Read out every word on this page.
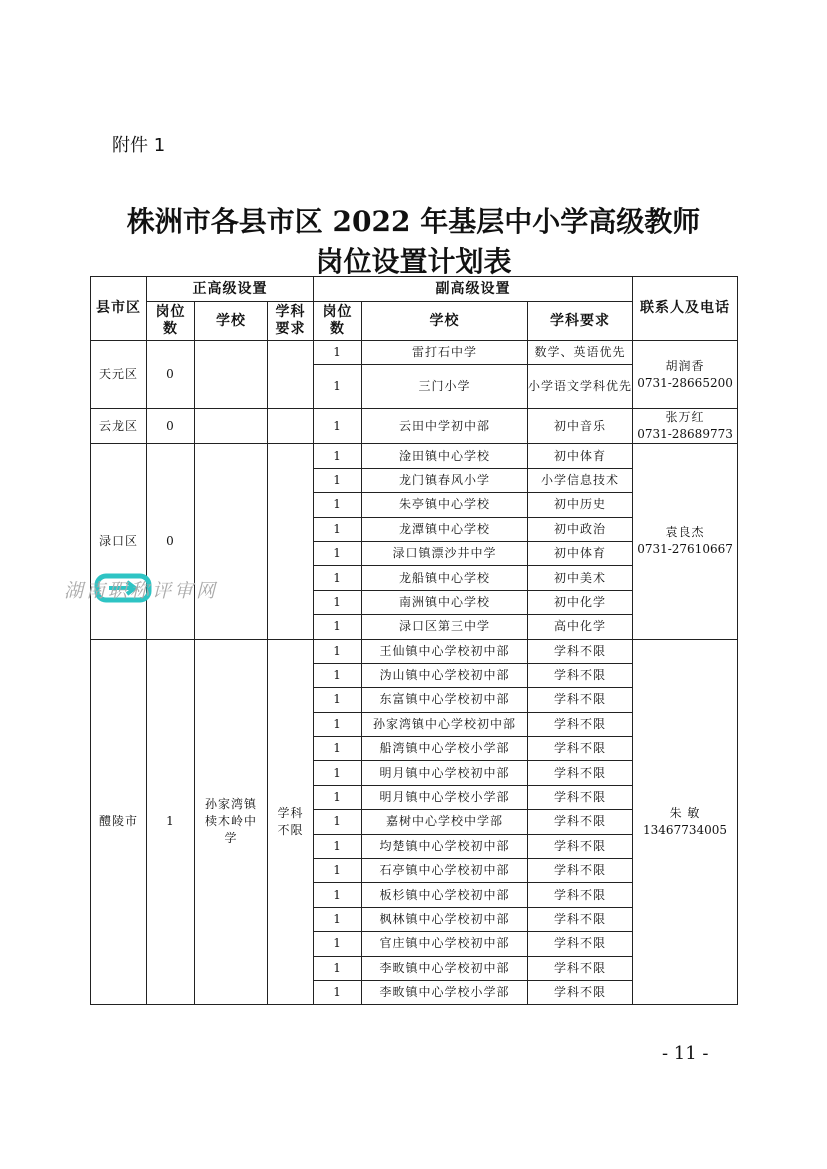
附件 1
株洲市各县市区 2022 年基层中小学高级教师
岗位设置计划表
县市区	正高级设置			副高级设置			联系人及电话
	岗位数	学校	学科要求	岗位数	学校	学科要求	
天元区	0			1	雷打石中学	数学、英语优先	胡润香
0731-28665200

				1	三门小学	小学语文学科优先	
云龙区	0			1	云田中学初中部	初中音乐	张万红
0731-28689773

渌口区	0			1	淦田镇中心学校	初中体育	袁良杰
0731-27610667

				1	龙门镇春风小学	小学信息技术	
				1	朱亭镇中心学校	初中历史	
				1	龙潭镇中心学校	初中政治	
				1	渌口镇漂沙井中学	初中体育	
				1	龙船镇中心学校	初中美术	
				1	南洲镇中心学校	初中化学	
				1	渌口区第三中学	高中化学	
醴陵市	1	孙家湾镇椟木岭中学	学科不限	1	王仙镇中心学校初中部	学科不限	朱 敏
13467734005

				1	沩山镇中心学校初中部	学科不限	
				1	东富镇中心学校初中部	学科不限	
				1	孙家湾镇中心学校初中部	学科不限	
				1	船湾镇中心学校小学部	学科不限	
				1	明月镇中心学校初中部	学科不限	
				1	明月镇中心学校小学部	学科不限	
				1	嘉树中心学校中学部	学科不限	
				1	均楚镇中心学校初中部	学科不限	
				1	石亭镇中心学校初中部	学科不限	
				1	板杉镇中心学校初中部	学科不限	
				1	枫林镇中心学校初中部	学科不限	
				1	官庄镇中心学校初中部	学科不限	
				1	李畋镇中心学校初中部	学科不限	
				1	李畋镇中心学校小学部	学科不限	
湖南职称评审网
- 11 -
